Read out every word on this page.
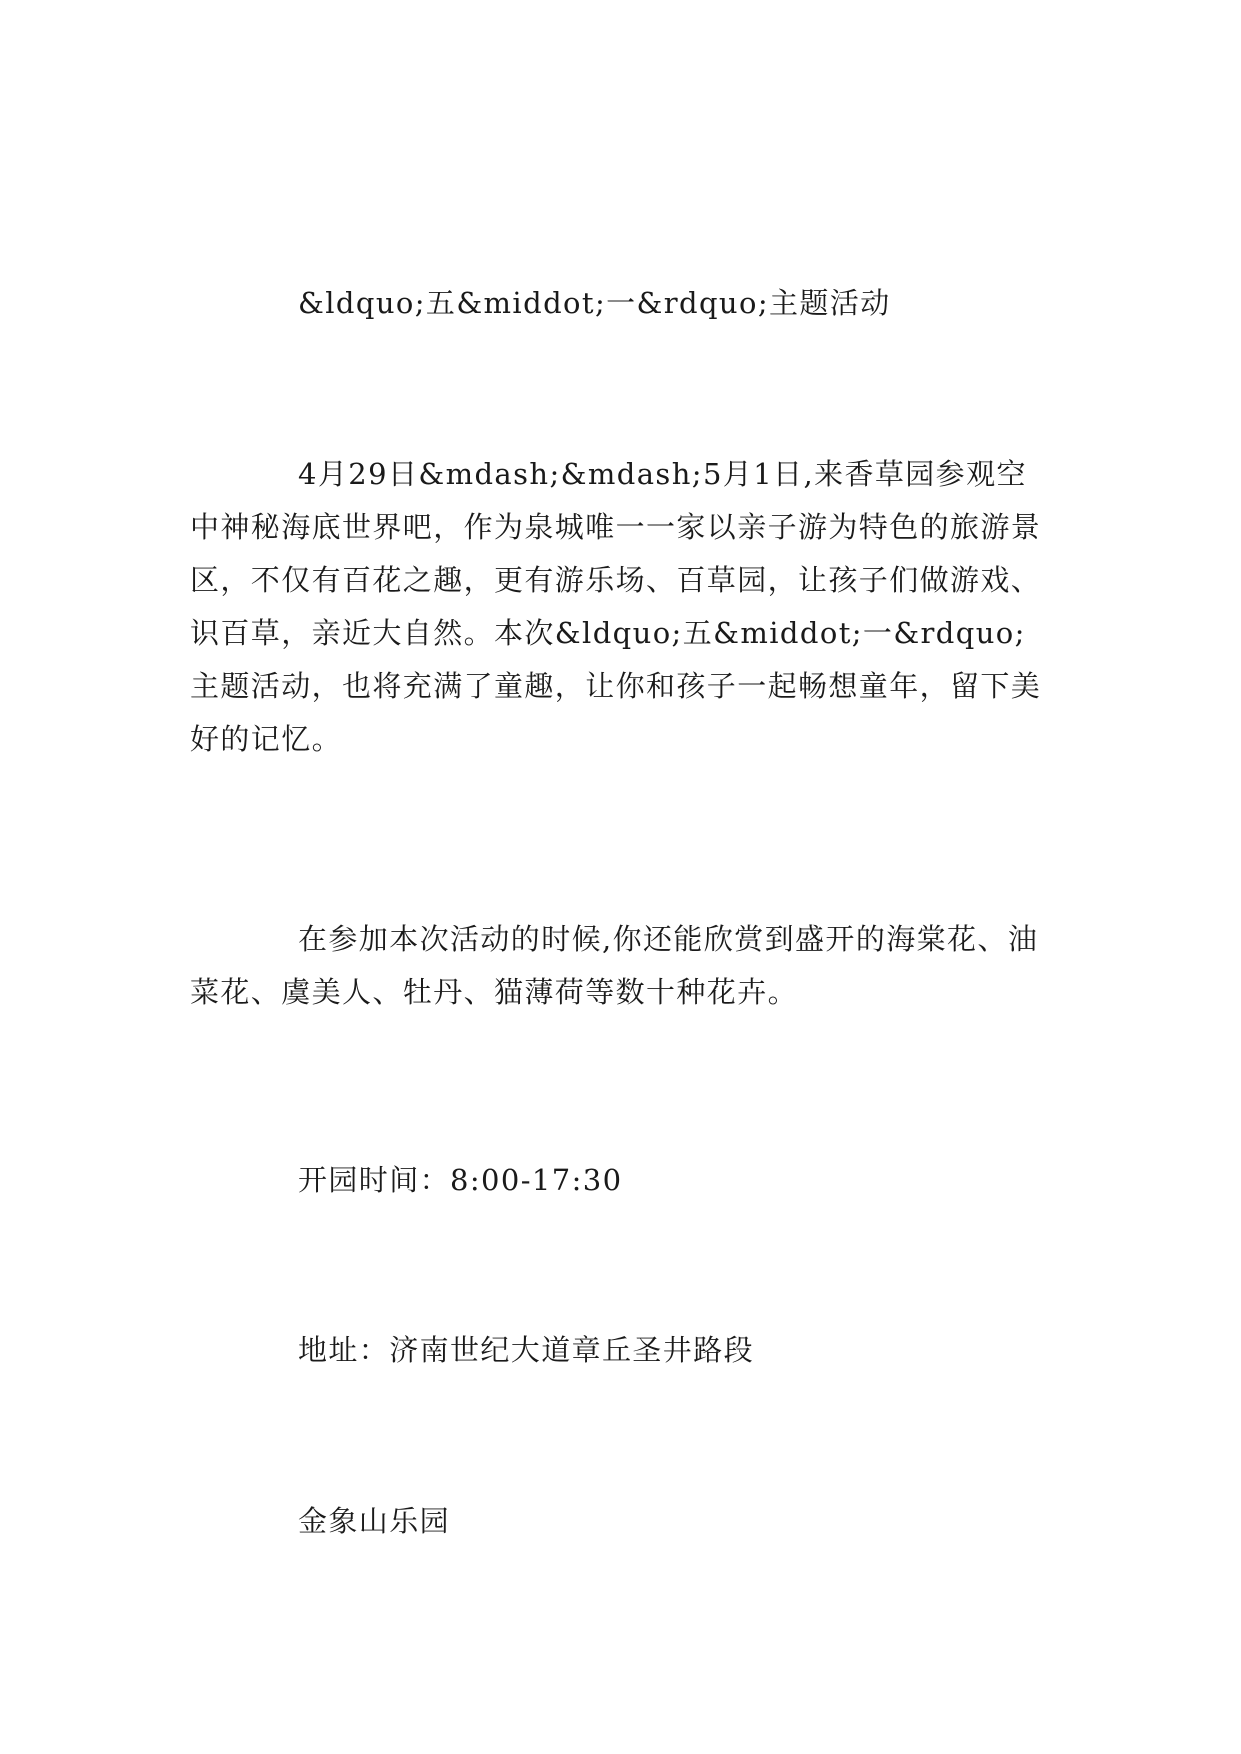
&ldquo;五&middot;一&rdquo;主题活动

4月29日&mdash;&mdash;5月1日,来香草园参观空中神秘海底世界吧，作为泉城唯一一家以亲子游为特色的旅游景区，不仅有百花之趣，更有游乐场、百草园，让孩子们做游戏、识百草，亲近大自然。本次&ldquo;五&middot;一&rdquo;主题活动，也将充满了童趣，让你和孩子一起畅想童年，留下美好的记忆。

在参加本次活动的时候,你还能欣赏到盛开的海棠花、油菜花、虞美人、牡丹、猫薄荷等数十种花卉。

开园时间：8:00-17:30

地址：济南世纪大道章丘圣井路段

金象山乐园
